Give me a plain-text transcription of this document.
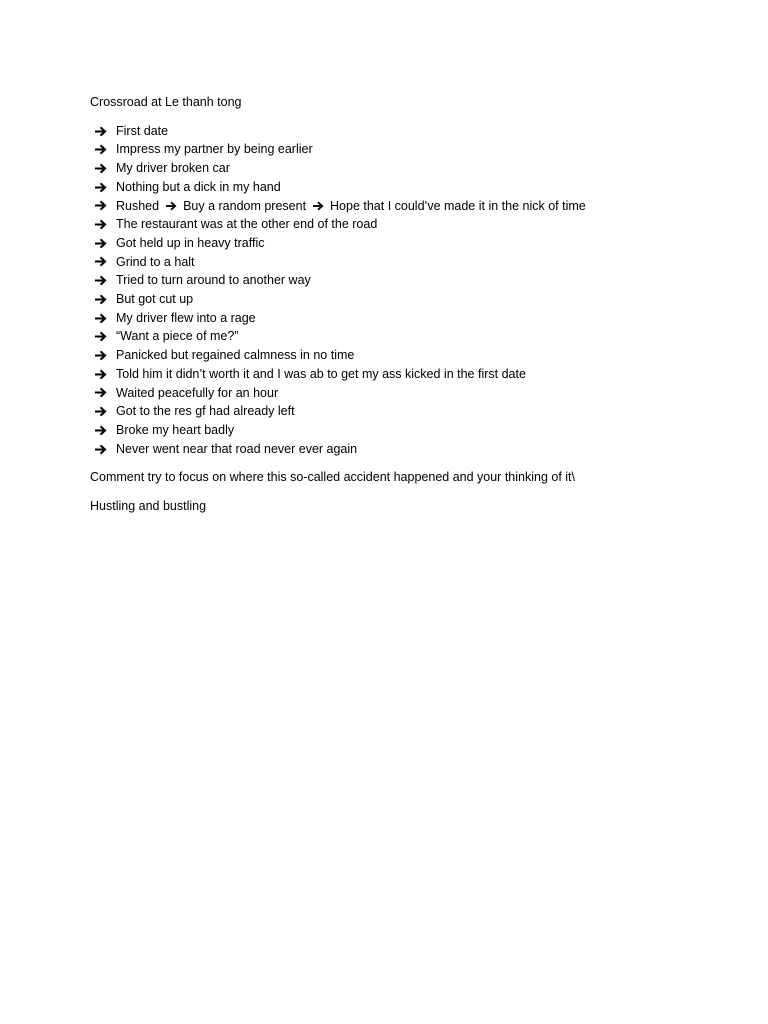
Crossroad at Le thanh tong

First date
Impress my partner by being earlier
My driver broken car
Nothing but a dick in my hand
Rushed Buy a random present Hope that I could’ve made it in the nick of time
The restaurant was at the other end of the road
Got held up in heavy traffic
Grind to a halt
Tried to turn around to another way
But got cut up
My driver flew into a rage
“Want a piece of me?”
Panicked but regained calmness in no time
Told him it didn’t worth it and I was ab to get my ass kicked in the first date
Waited peacefully for an hour
Got to the res gf had already left
Broke my heart badly
Never went near that road never ever again

Comment try to focus on where this so-called accident happened and your thinking of it\

Hustling and bustling
